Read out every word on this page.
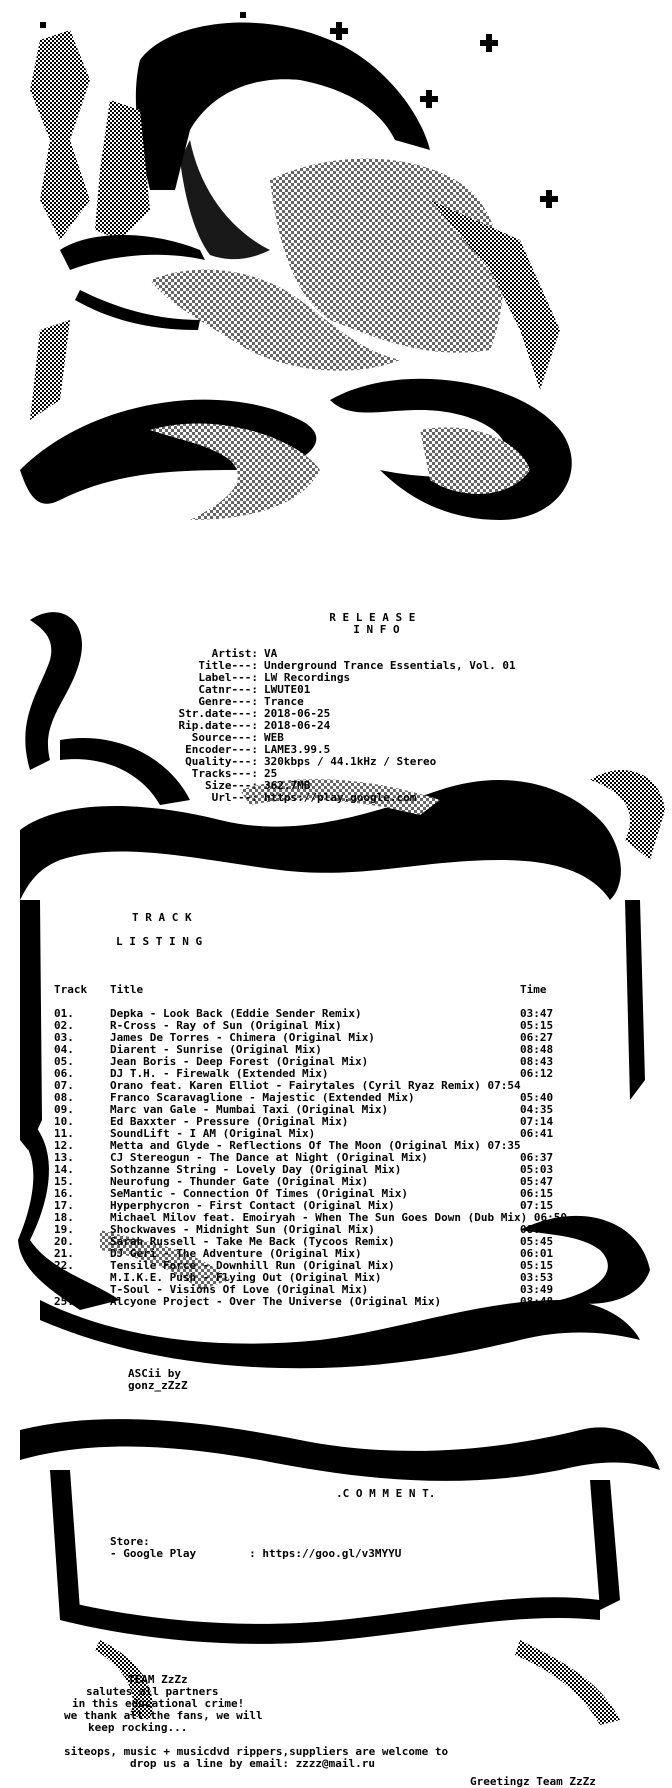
R E L E A S E

I N F O

Artist: VA
Title---: Underground Trance Essentials, Vol. 01
Label---: LW Recordings
Catnr---: LWUTE01
Genre---: Trance
Str.date---: 2018-06-25
Rip.date---: 2018-06-24
Source---: WEB
Encoder---: LAME3.99.5
Quality---: 320kbps / 44.1kHz / Stereo
Tracks---: 25
Size---: 362.7MB
Url---: https://play.google.com
T R A C K
L I S T I N G
Track Title	Time
01.	Depka - Look Back (Eddie Sender Remix)	03:47
02.	R-Cross - Ray of Sun (Original Mix)	05:15
03.	James De Torres - Chimera (Original Mix)	06:27
04.	Diarent - Sunrise (Original Mix)	08:48
05.	Jean Boris - Deep Forest (Original Mix)	08:43
06.	DJ T.H. - Firewalk (Extended Mix)	06:12
07.	Orano feat. Karen Elliot - Fairytales (Cyril Ryaz Remix) 07:54
08.	Franco Scaravaglione - Majestic (Extended Mix)	05:40
09.	Marc van Gale - Mumbai Taxi (Original Mix)	04:35
10.	Ed Baxxter - Pressure (Original Mix)	07:14
11.	SoundLift - I AM (Original Mix)	06:41
12.	Metta and Glyde - Reflections Of The Moon (Original Mix) 07:35
13.	CJ Stereogun - The Dance at Night (Original Mix)	06:37
14.	Sothzanne String - Lovely Day (Original Mix)	05:03
15.	Neurofung - Thunder Gate (Original Mix)	05:47
16.	SeMantic - Connection Of Times (Original Mix)	06:15
17.	Hyperphycron - First Contact (Original Mix)	07:15
18.	Michael Milov feat. Emoiryah - When The Sun Goes Down (Dub Mix) 06:50
19.	Shockwaves - Midnight Sun (Original Mix)	08:07
20.	Sarah Russell - Take Me Back (Tycoos Remix)	05:45
21.	DJ Geri - The Adventure (Original Mix)	06:01
22.	Tensile Force - Downhill Run (Original Mix)	05:15
23.	M.I.K.E. Push - Flying Out (Original Mix)	03:53
24.	T-Soul - Visions Of Love (Original Mix)	03:49
25.	Alcyone Project - Over The Universe (Original Mix)	08:48
ASCii by
gonz_zZzZ
.R I P P E R S.
.C O M M E N T.
Store:
- Google Play        : https://goo.gl/v3MYYU
TEAM ZzZz
salutes all partners
in this educational crime!
we thank all the fans, we will
keep rocking...
siteops, music + musicdvd rippers,suppliers are welcome to
drop us a line by email: zzzz@mail.ru
Greetingz Team ZzZz
